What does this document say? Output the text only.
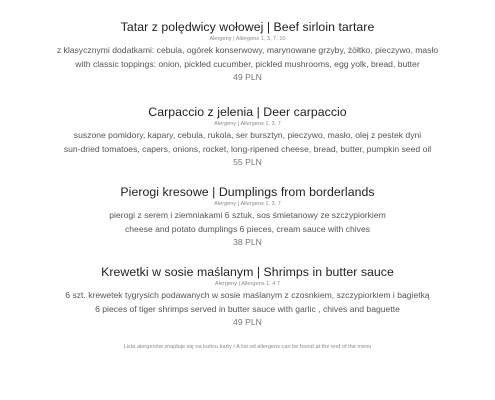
Tatar z polędwicy wołowej | Beef sirloin tartare
Alergeny | Allergens 1, 3, 7, 10
z klasycznymi dodatkami: cebula, ogórek konserwowy, marynowane grzyby, żółtko, pieczywo, masło
with classic toppings: onion, pickled cucumber, pickled mushrooms, egg yolk, bread, butter
49 PLN
Carpaccio z jelenia | Deer carpaccio
Alergeny | Allergens 1, 3, 7
suszone pomidory, kapary, cebula, rukola, ser bursztyn, pieczywo, masło, olej z pestek dyni
sun-dried tomatoes, capers, onions, rocket, long-ripened cheese, bread, butter, pumpkin seed oil
55 PLN
Pierogi kresowe | Dumplings from borderlands
Alergeny | Allergens 1, 3, 7
pierogi z serem i ziemniakami 6 sztuk, sos śmietanowy ze szczypiorkiem
cheese and potato dumplings 6 pieces, cream sauce with chives
38 PLN
Krewetki w sosie maślanym | Shrimps in butter sauce
Alergeny | Allergens 1, 4 7
6 szt. krewetek tygrysich podawanych w sosie maślanym z czosnkiem, szczypiorkiem i bagietką
6 pieces of tiger shrimps served in butter sauce with garlic , chives and baguette
49 PLN
Lista alergenów znajduje się na końcu karty / A list od allergens can be found at the end of the menu
